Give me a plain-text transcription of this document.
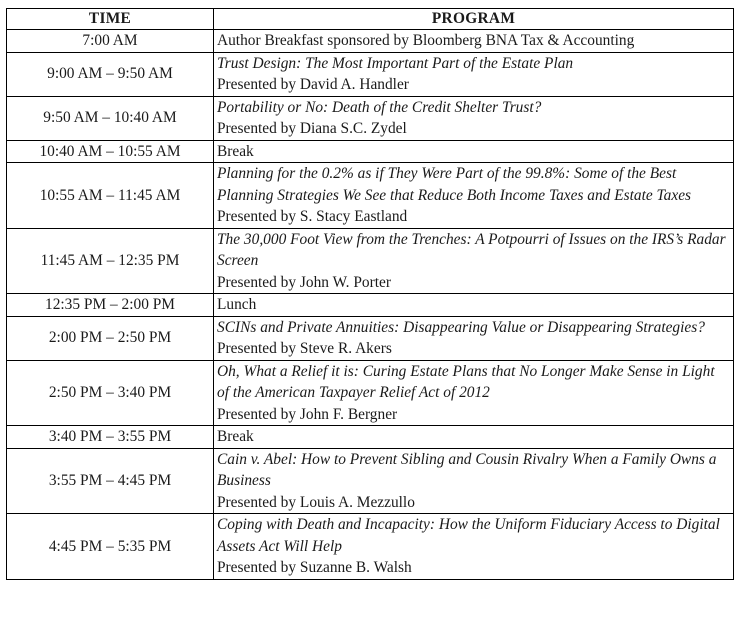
TIME	PROGRAM
7:00 AM	Author Breakfast sponsored by Bloomberg BNA Tax & Accounting

9:00 AM – 9:50 AM	Trust Design: The Most Important Part of the Estate Plan
Presented by David A. Handler

9:50 AM – 10:40 AM	Portability or No: Death of the Credit Shelter Trust?
Presented by Diana S.C. Zydel

10:40 AM – 10:55 AM	Break

10:55 AM – 11:45 AM	Planning for the 0.2% as if They Were Part of the 99.8%: Some of the Best Planning Strategies We See that Reduce Both Income Taxes and Estate Taxes
Presented by S. Stacy Eastland

11:45 AM – 12:35 PM	The 30,000 Foot View from the Trenches: A Potpourri of Issues on the IRS’s Radar Screen
Presented by John W. Porter

12:35 PM – 2:00 PM	Lunch

2:00 PM – 2:50 PM	SCINs and Private Annuities: Disappearing Value or Disappearing Strategies?
Presented by Steve R. Akers

2:50 PM – 3:40 PM	Oh, What a Relief it is: Curing Estate Plans that No Longer Make Sense in Light of the American Taxpayer Relief Act of 2012
Presented by John F. Bergner

3:40 PM – 3:55 PM	Break

3:55 PM – 4:45 PM	Cain v. Abel: How to Prevent Sibling and Cousin Rivalry When a Family Owns a Business
Presented by Louis A. Mezzullo

4:45 PM – 5:35 PM	Coping with Death and Incapacity: How the Uniform Fiduciary Access to Digital Assets Act Will Help
Presented by Suzanne B. Walsh
